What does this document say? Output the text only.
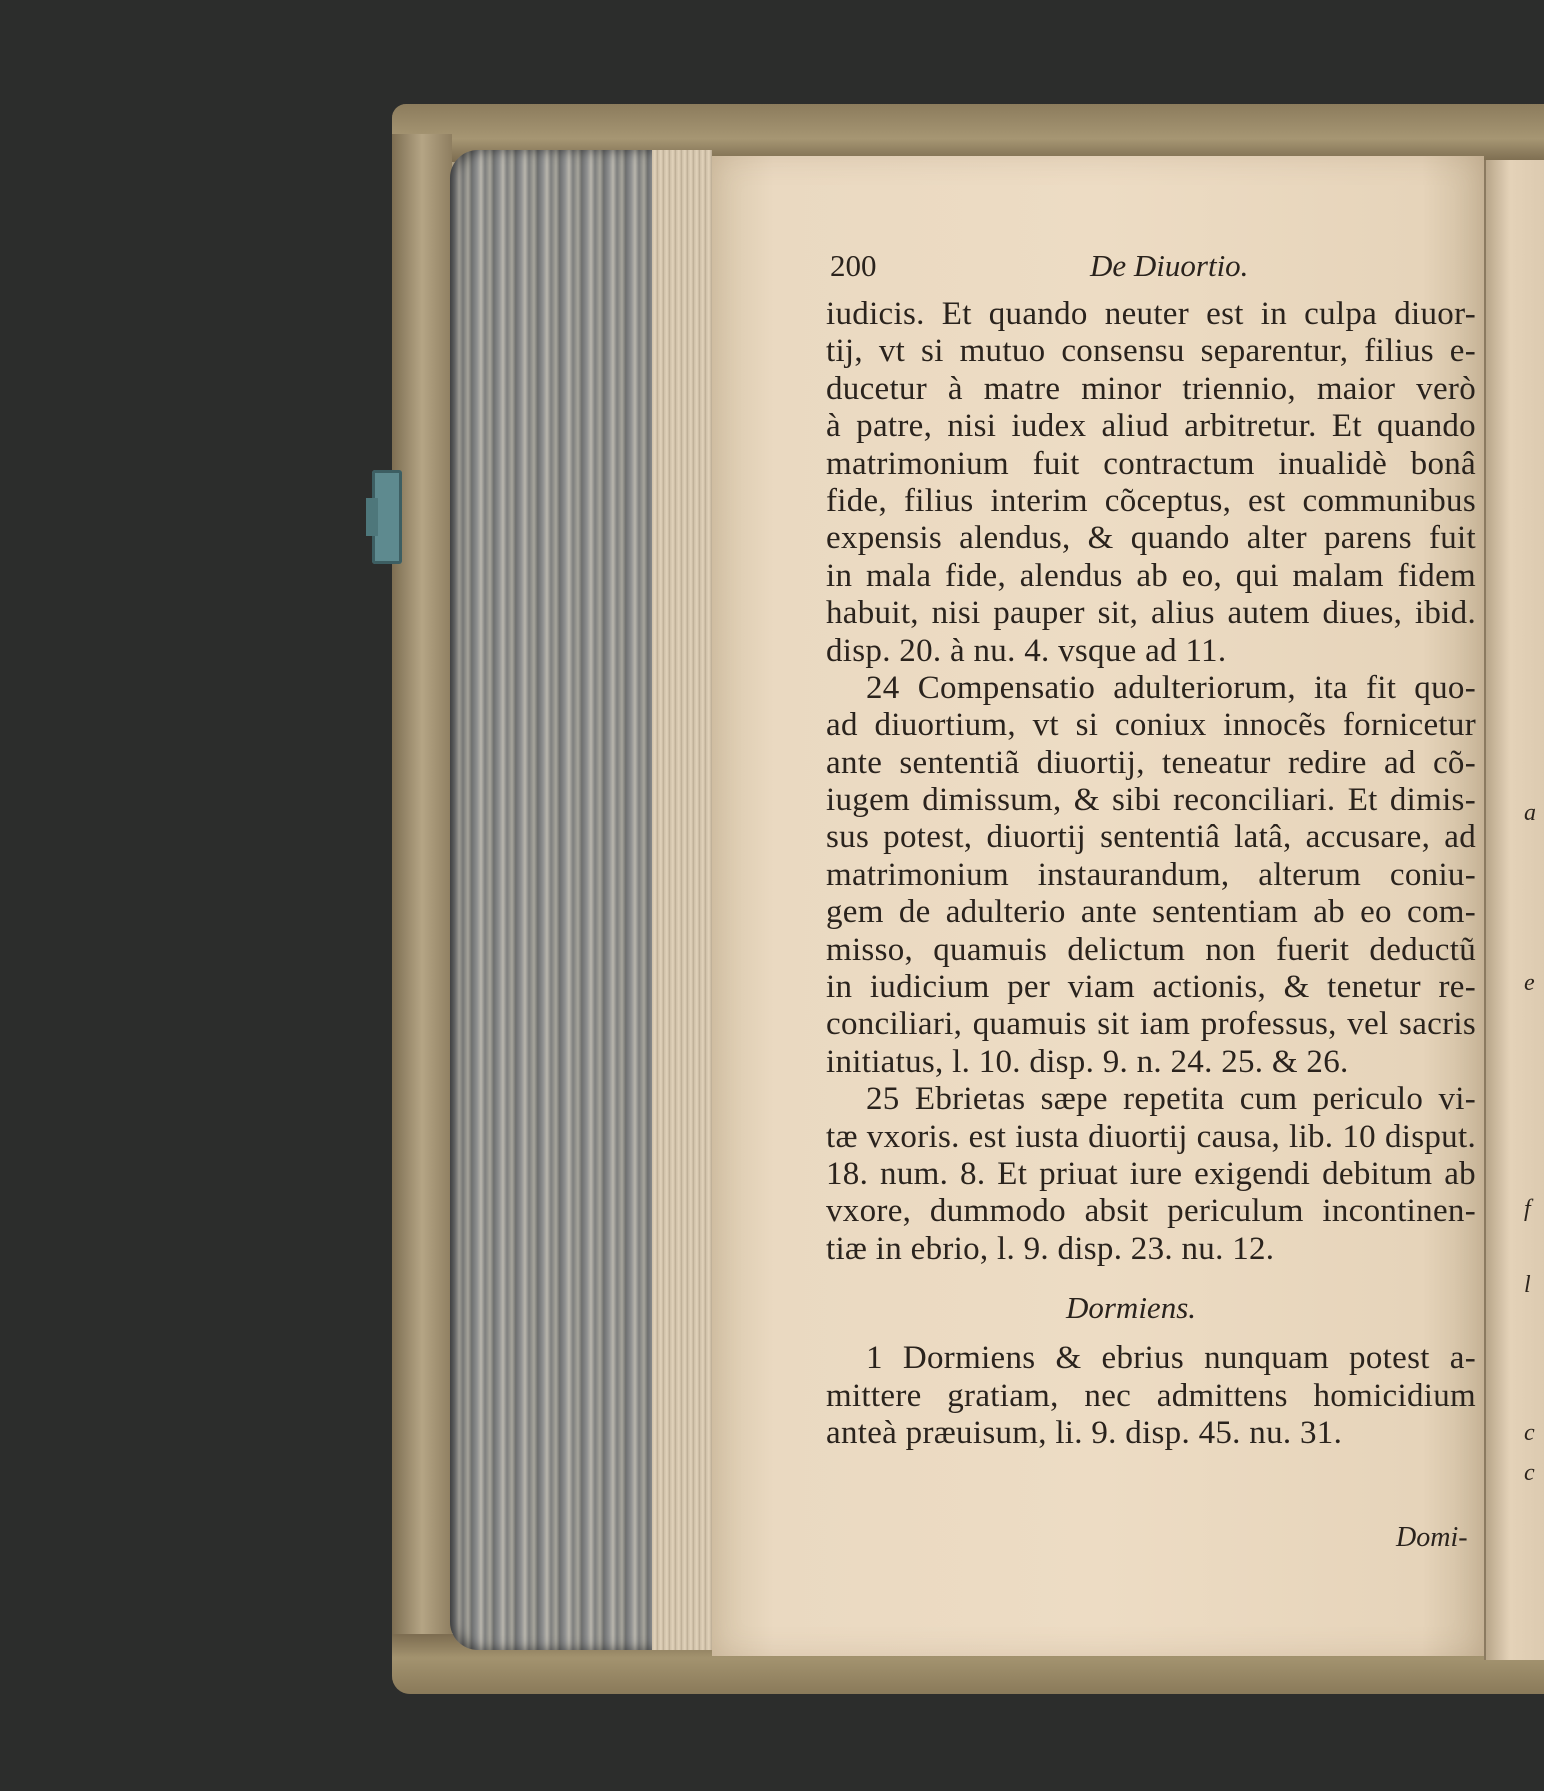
a
e
f
l
c
c
200	De Diuortio.
iudicis. Et quando neuter est in culpa diuor-
tij, vt si mutuo consensu separentur, filius e-
ducetur à matre minor triennio, maior verò
à patre, nisi iudex aliud arbitretur. Et quando
matrimonium fuit contractum inualidè bonâ
fide, filius interim cõceptus, est communibus
expensis alendus, & quando alter parens fuit
in mala fide, alendus ab eo, qui malam fidem
habuit, nisi pauper sit, alius autem diues, ibid.
disp. 20. à nu. 4. vsque ad 11.
24 Compensatio adulteriorum, ita fit quo-
ad diuortium, vt si coniux innocẽs fornicetur
ante sententiã diuortij, teneatur redire ad cõ-
iugem dimissum, & sibi reconciliari. Et dimis-
sus potest, diuortij sententiâ latâ, accusare, ad
matrimonium instaurandum, alterum coniu-
gem de adulterio ante sententiam ab eo com-
misso, quamuis delictum non fuerit deductũ
in iudicium per viam actionis, & tenetur re-
conciliari, quamuis sit iam professus, vel sacris
initiatus, l. 10. disp. 9. n. 24. 25. & 26.
25 Ebrietas sæpe repetita cum periculo vi-
tæ vxoris. est iusta diuortij causa, lib. 10 disput.
18. num. 8. Et priuat iure exigendi debitum ab
vxore, dummodo absit periculum incontinen-
tiæ in ebrio, l. 9. disp. 23. nu. 12.
Dormiens.
1 Dormiens & ebrius nunquam potest a-
mittere gratiam, nec admittens homicidium
anteà præuisum, li. 9. disp. 45. nu. 31.
Domi-
